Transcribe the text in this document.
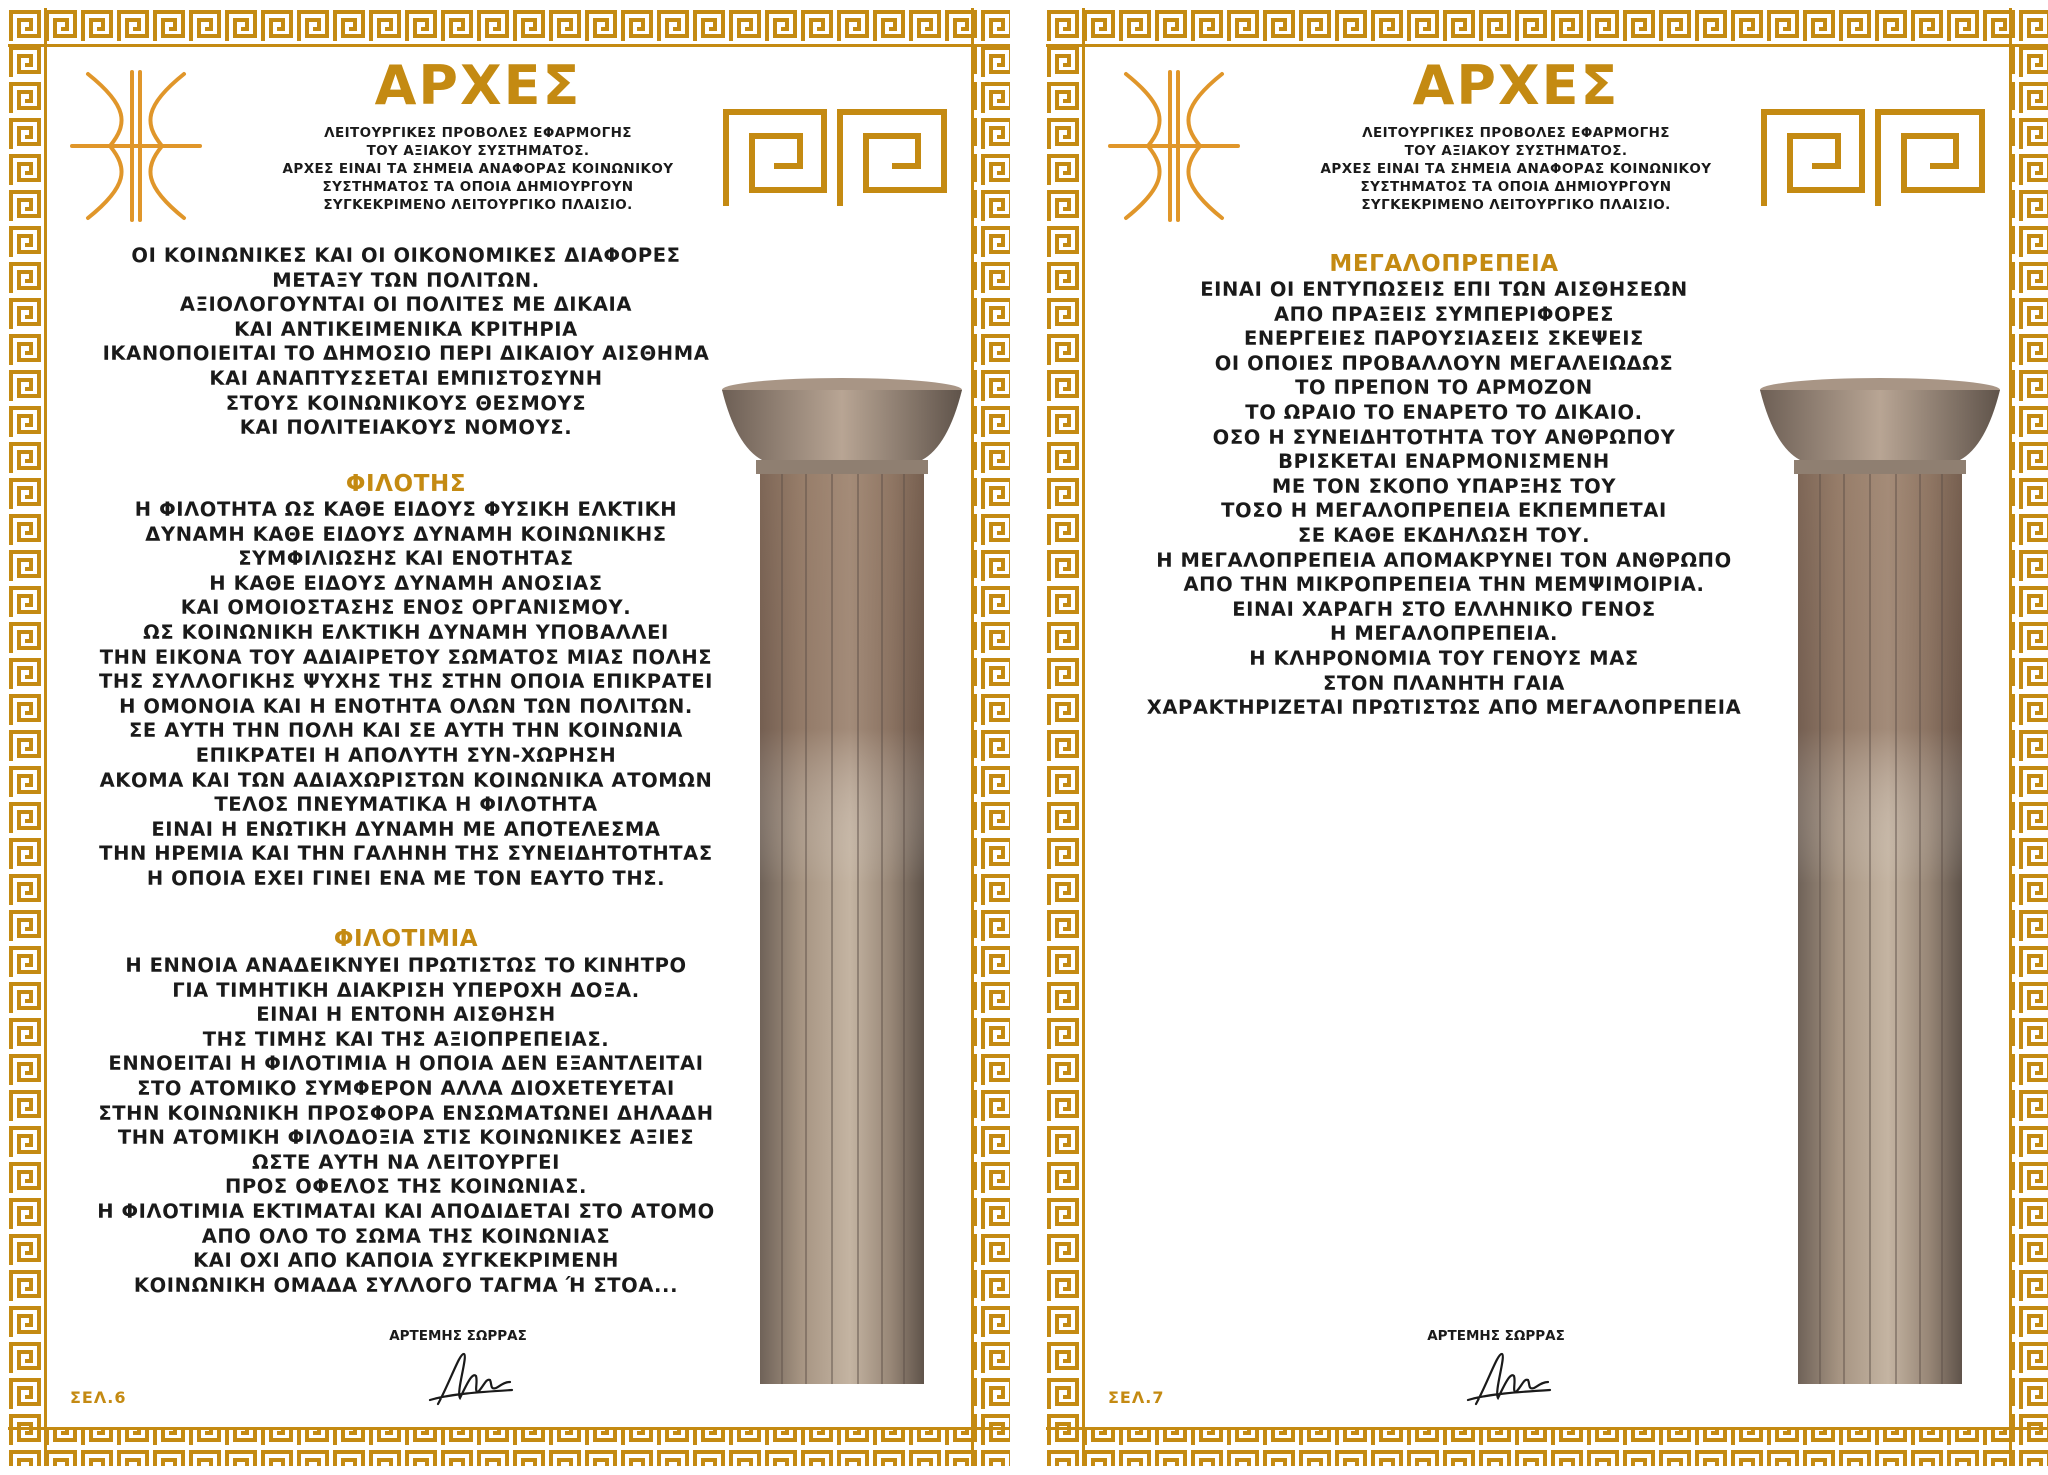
ΑΡΧΕΣ
ΛΕΙΤΟΥΡΓΙΚΕΣ ΠΡΟΒΟΛΕΣ ΕΦΑΡΜΟΓΗΣ
ΤΟΥ ΑΞΙΑΚΟΥ ΣΥΣΤΗΜΑΤΟΣ.
ΑΡΧΕΣ ΕΙΝΑΙ ΤΑ ΣΗΜΕΙΑ ΑΝΑΦΟΡΑΣ ΚΟΙΝΩΝΙΚΟΥ
ΣΥΣΤΗΜΑΤΟΣ ΤΑ ΟΠΟΙΑ ΔΗΜΙΟΥΡΓΟΥΝ
ΣΥΓΚΕΚΡΙΜΕΝΟ ΛΕΙΤΟΥΡΓΙΚΟ ΠΛΑΙΣΙΟ.
ΟΙ ΚΟΙΝΩΝΙΚΕΣ ΚΑΙ ΟΙ ΟΙΚΟΝΟΜΙΚΕΣ ΔΙΑΦΟΡΕΣ
ΜΕΤΑΞΥ ΤΩΝ ΠΟΛΙΤΩΝ.
ΑΞΙΟΛΟΓΟΥΝΤΑΙ ΟΙ ΠΟΛΙΤΕΣ ΜΕ ΔΙΚΑΙΑ
ΚΑΙ ΑΝΤΙΚΕΙΜΕΝΙΚΑ ΚΡΙΤΗΡΙΑ
ΙΚΑΝΟΠΟΙΕΙΤΑΙ ΤΟ ΔΗΜΟΣΙΟ ΠΕΡΙ ΔΙΚΑΙΟΥ ΑΙΣΘΗΜΑ
ΚΑΙ ΑΝΑΠΤΥΣΣΕΤΑΙ ΕΜΠΙΣΤΟΣΥΝΗ
ΣΤΟΥΣ ΚΟΙΝΩΝΙΚΟΥΣ ΘΕΣΜΟΥΣ
ΚΑΙ ΠΟΛΙΤΕΙΑΚΟΥΣ ΝΟΜΟΥΣ.
ΦΙΛΟΤΗΣ
Η ΦΙΛΟΤΗΤΑ ΩΣ ΚΑΘΕ ΕΙΔΟΥΣ ΦΥΣΙΚΗ ΕΛΚΤΙΚΗ
ΔΥΝΑΜΗ ΚΑΘΕ ΕΙΔΟΥΣ ΔΥΝΑΜΗ ΚΟΙΝΩΝΙΚΗΣ
ΣΥΜΦΙΛΙΩΣΗΣ ΚΑΙ ΕΝΟΤΗΤΑΣ
Η ΚΑΘΕ ΕΙΔΟΥΣ ΔΥΝΑΜΗ ΑΝΟΣΙΑΣ
ΚΑΙ ΟΜΟΙΟΣΤΑΣΗΣ ΕΝΟΣ ΟΡΓΑΝΙΣΜΟΥ.
ΩΣ ΚΟΙΝΩΝΙΚΗ ΕΛΚΤΙΚΗ ΔΥΝΑΜΗ ΥΠΟΒΑΛΛΕΙ
ΤΗΝ ΕΙΚΟΝΑ ΤΟΥ ΑΔΙΑΙΡΕΤΟΥ ΣΩΜΑΤΟΣ ΜΙΑΣ ΠΟΛΗΣ
ΤΗΣ ΣΥΛΛΟΓΙΚΗΣ ΨΥΧΗΣ ΤΗΣ ΣΤΗΝ ΟΠΟΙΑ ΕΠΙΚΡΑΤΕΙ
Η ΟΜΟΝΟΙΑ ΚΑΙ Η ΕΝΟΤΗΤΑ ΟΛΩΝ ΤΩΝ ΠΟΛΙΤΩΝ.
ΣΕ ΑΥΤΗ ΤΗΝ ΠΟΛΗ ΚΑΙ ΣΕ ΑΥΤΗ ΤΗΝ ΚΟΙΝΩΝΙΑ
ΕΠΙΚΡΑΤΕΙ Η ΑΠΟΛΥΤΗ ΣΥΝ-ΧΩΡΗΣΗ
ΑΚΟΜΑ ΚΑΙ ΤΩΝ ΑΔΙΑΧΩΡΙΣΤΩΝ ΚΟΙΝΩΝΙΚΑ ΑΤΟΜΩΝ
ΤΕΛΟΣ ΠΝΕΥΜΑΤΙΚΑ Η ΦΙΛΟΤΗΤΑ
ΕΙΝΑΙ Η ΕΝΩΤΙΚΗ ΔΥΝΑΜΗ ΜΕ ΑΠΟΤΕΛΕΣΜΑ
ΤΗΝ ΗΡΕΜΙΑ ΚΑΙ ΤΗΝ ΓΑΛΗΝΗ ΤΗΣ ΣΥΝΕΙΔΗΤΟΤΗΤΑΣ
Η ΟΠΟΙΑ ΕΧΕΙ ΓΙΝΕΙ ΕΝΑ ΜΕ ΤΟΝ ΕΑΥΤΟ ΤΗΣ.
ΦΙΛΟΤΙΜΙΑ
Η ΕΝΝΟΙΑ ΑΝΑΔΕΙΚΝΥΕΙ ΠΡΩΤΙΣΤΩΣ ΤΟ ΚΙΝΗΤΡΟ
ΓΙΑ ΤΙΜΗΤΙΚΗ ΔΙΑΚΡΙΣΗ ΥΠΕΡΟΧΗ ΔΟΞΑ.
ΕΙΝΑΙ Η ΕΝΤΟΝΗ ΑΙΣΘΗΣΗ
ΤΗΣ ΤΙΜΗΣ ΚΑΙ ΤΗΣ ΑΞΙΟΠΡΕΠΕΙΑΣ.
ΕΝΝΟΕΙΤΑΙ Η ΦΙΛΟΤΙΜΙΑ Η ΟΠΟΙΑ ΔΕΝ ΕΞΑΝΤΛΕΙΤΑΙ
ΣΤΟ ΑΤΟΜΙΚΟ ΣΥΜΦΕΡΟΝ ΑΛΛΑ ΔΙΟΧΕΤΕΥΕΤΑΙ
ΣΤΗΝ ΚΟΙΝΩΝΙΚΗ ΠΡΟΣΦΟΡΑ ΕΝΣΩΜΑΤΩΝΕΙ ΔΗΛΑΔΗ
ΤΗΝ ΑΤΟΜΙΚΗ ΦΙΛΟΔΟΞΙΑ ΣΤΙΣ ΚΟΙΝΩΝΙΚΕΣ ΑΞΙΕΣ
ΩΣΤΕ ΑΥΤΗ ΝΑ ΛΕΙΤΟΥΡΓΕΙ
ΠΡΟΣ ΟΦΕΛΟΣ ΤΗΣ ΚΟΙΝΩΝΙΑΣ.
Η ΦΙΛΟΤΙΜΙΑ ΕΚΤΙΜΑΤΑΙ ΚΑΙ ΑΠΟΔΙΔΕΤΑΙ ΣΤΟ ΑΤΟΜΟ
ΑΠΟ ΟΛΟ ΤΟ ΣΩΜΑ ΤΗΣ ΚΟΙΝΩΝΙΑΣ
ΚΑΙ ΟΧΙ ΑΠΟ ΚΑΠΟΙΑ ΣΥΓΚΕΚΡΙΜΕΝΗ
ΚΟΙΝΩΝΙΚΗ ΟΜΑΔΑ ΣΥΛΛΟΓΟ ΤΑΓΜΑ Ή ΣΤΟΑ...
ΑΡΤΕΜΗΣ ΣΩΡΡΑΣ
ΣΕΛ.6
ΑΡΧΕΣ
ΛΕΙΤΟΥΡΓΙΚΕΣ ΠΡΟΒΟΛΕΣ ΕΦΑΡΜΟΓΗΣ
ΤΟΥ ΑΞΙΑΚΟΥ ΣΥΣΤΗΜΑΤΟΣ.
ΑΡΧΕΣ ΕΙΝΑΙ ΤΑ ΣΗΜΕΙΑ ΑΝΑΦΟΡΑΣ ΚΟΙΝΩΝΙΚΟΥ
ΣΥΣΤΗΜΑΤΟΣ ΤΑ ΟΠΟΙΑ ΔΗΜΙΟΥΡΓΟΥΝ
ΣΥΓΚΕΚΡΙΜΕΝΟ ΛΕΙΤΟΥΡΓΙΚΟ ΠΛΑΙΣΙΟ.
ΜΕΓΑΛΟΠΡΕΠΕΙΑ
ΕΙΝΑΙ ΟΙ ΕΝΤΥΠΩΣΕΙΣ ΕΠΙ ΤΩΝ ΑΙΣΘΗΣΕΩΝ
ΑΠΟ ΠΡΑΞΕΙΣ ΣΥΜΠΕΡΙΦΟΡΕΣ
ΕΝΕΡΓΕΙΕΣ ΠΑΡΟΥΣΙΑΣΕΙΣ ΣΚΕΨΕΙΣ
ΟΙ ΟΠΟΙΕΣ ΠΡΟΒΑΛΛΟΥΝ ΜΕΓΑΛΕΙΩΔΩΣ
ΤΟ ΠΡΕΠΟΝ ΤΟ ΑΡΜΟΖΟΝ
ΤΟ ΩΡΑΙΟ ΤΟ ΕΝΑΡΕΤΟ ΤΟ ΔΙΚΑΙΟ.
ΟΣΟ Η ΣΥΝΕΙΔΗΤΟΤΗΤΑ ΤΟΥ ΑΝΘΡΩΠΟΥ
ΒΡΙΣΚΕΤΑΙ ΕΝΑΡΜΟΝΙΣΜΕΝΗ
ΜΕ ΤΟΝ ΣΚΟΠΟ ΥΠΑΡΞΗΣ ΤΟΥ
ΤΟΣΟ Η ΜΕΓΑΛΟΠΡΕΠΕΙΑ ΕΚΠΕΜΠΕΤΑΙ
ΣΕ ΚΑΘΕ ΕΚΔΗΛΩΣΗ ΤΟΥ.
Η ΜΕΓΑΛΟΠΡΕΠΕΙΑ ΑΠΟΜΑΚΡΥΝΕΙ ΤΟΝ ΑΝΘΡΩΠΟ
ΑΠΟ ΤΗΝ ΜΙΚΡΟΠΡΕΠΕΙΑ ΤΗΝ ΜΕΜΨΙΜΟΙΡΙΑ.
ΕΙΝΑΙ ΧΑΡΑΓΗ ΣΤΟ ΕΛΛΗΝΙΚΟ ΓΕΝΟΣ
Η ΜΕΓΑΛΟΠΡΕΠΕΙΑ.
Η ΚΛΗΡΟΝΟΜΙΑ ΤΟΥ ΓΕΝΟΥΣ ΜΑΣ
ΣΤΟΝ ΠΛΑΝΗΤΗ ΓΑΙΑ
ΧΑΡΑΚΤΗΡΙΖΕΤΑΙ ΠΡΩΤΙΣΤΩΣ ΑΠΟ ΜΕΓΑΛΟΠΡΕΠΕΙΑ
ΑΡΤΕΜΗΣ ΣΩΡΡΑΣ
ΣΕΛ.7
